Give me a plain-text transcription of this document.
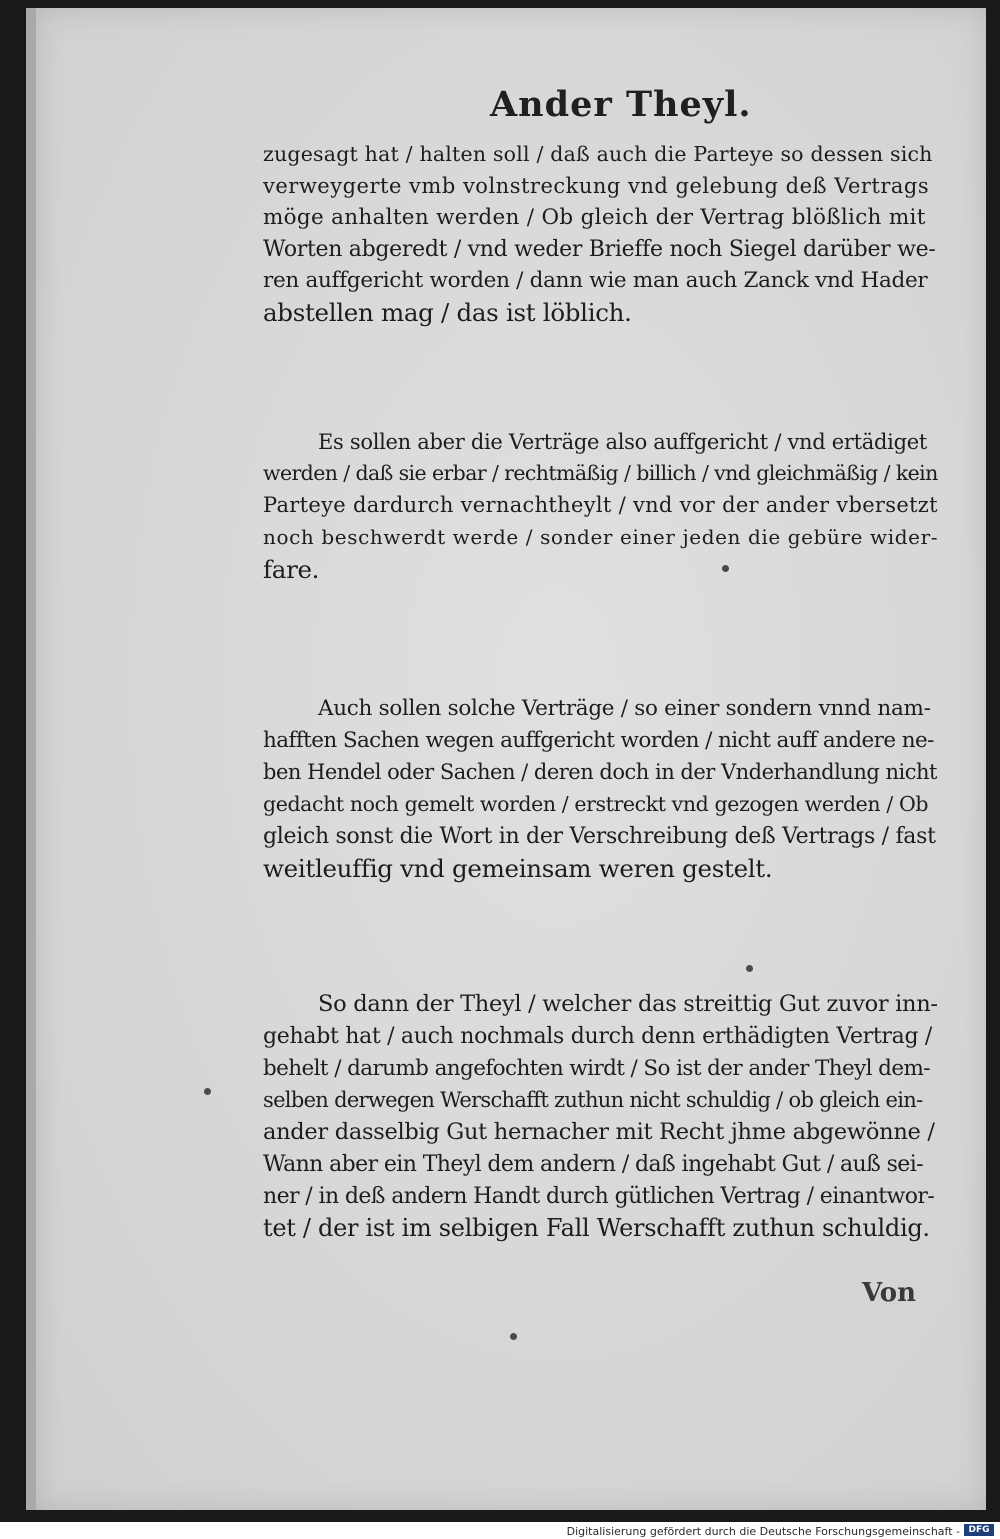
Ander Theyl.
zugesagt hat / halten soll / daß auch die Parteye so dessen sich
verweygerte vmb volnstreckung vnd gelebung deß Vertrags
möge anhalten werden / Ob gleich der Vertrag blößlich mit
Worten abgeredt / vnd weder Brieffe noch Siegel darüber we-
ren auffgericht worden / dann wie man auch Zanck vnd Hader
abstellen mag / das ist löblich.
Es sollen aber die Verträge also auffgericht / vnd ertädiget
werden / daß sie erbar / rechtmäßig / billich / vnd gleichmäßig / kein
Parteye dardurch vernachtheylt / vnd vor der ander vbersetzt
noch beschwerdt werde / sonder einer jeden die gebüre wider-
fare.
Auch sollen solche Verträge / so einer sondern vnnd nam-
hafften Sachen wegen auffgericht worden / nicht auff andere ne-
ben Hendel oder Sachen / deren doch in der Vnderhandlung nicht
gedacht noch gemelt worden / erstreckt vnd gezogen werden / Ob
gleich sonst die Wort in der Verschreibung deß Vertrags / fast
weitleuffig vnd gemeinsam weren gestelt.
So dann der Theyl / welcher das streittig Gut zuvor inn-
gehabt hat / auch nochmals durch denn erthädigten Vertrag /
behelt / darumb angefochten wirdt / So ist der ander Theyl dem-
selben derwegen Werschafft zuthun nicht schuldig / ob gleich ein-
ander dasselbig Gut hernacher mit Recht jhme abgewönne /
Wann aber ein Theyl dem andern / daß ingehabt Gut / auß sei-
ner / in deß andern Handt durch gütlichen Vertrag / einantwor-
tet / der ist im selbigen Fall Werschafft zuthun schuldig.
Von
Digitalisierung gefördert durch die Deutsche Forschungsgemeinschaft - DFG
